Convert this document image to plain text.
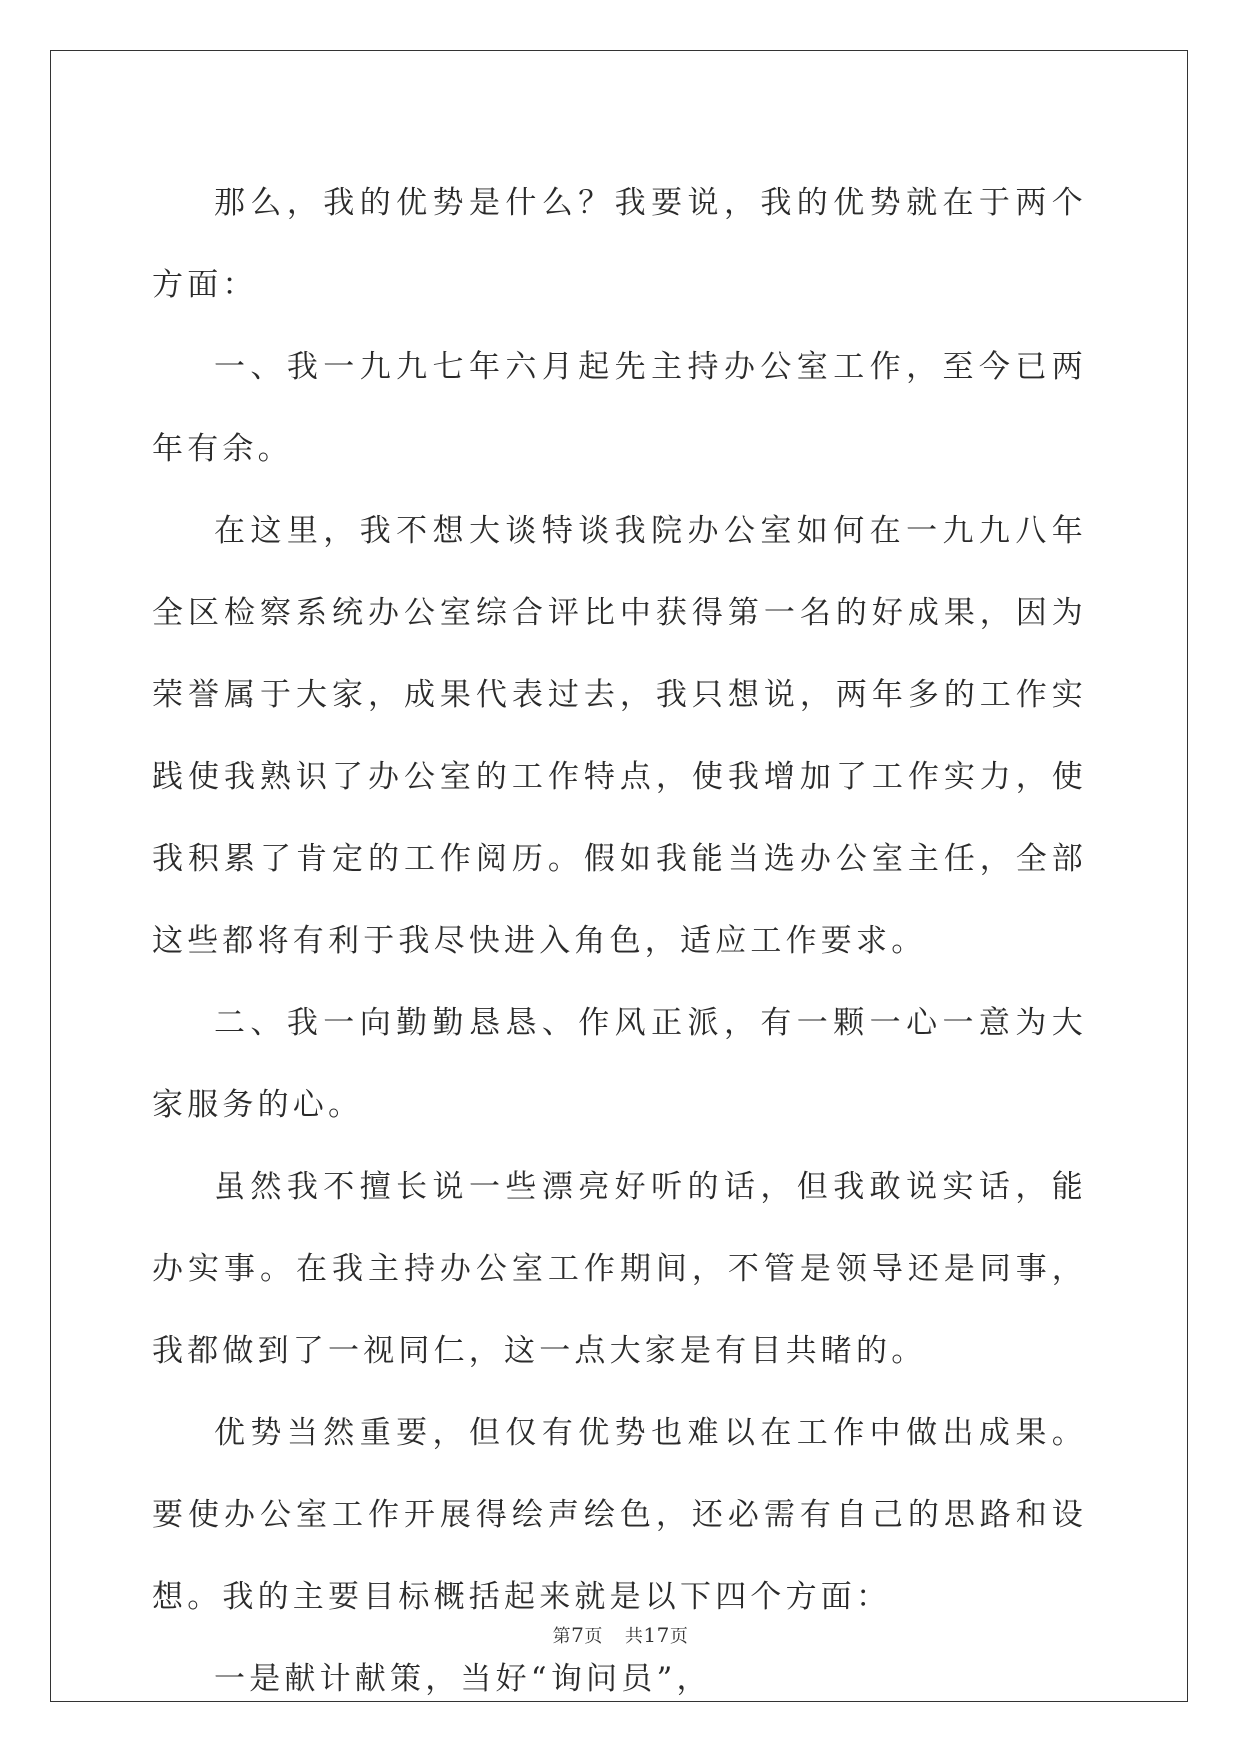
那么，我的优势是什么？我要说，我的优势就在于两个方面：

一、我一九九七年六月起先主持办公室工作，至今已两年有余。

在这里，我不想大谈特谈我院办公室如何在一九九八年全区检察系统办公室综合评比中获得第一名的好成果，因为荣誉属于大家，成果代表过去，我只想说，两年多的工作实践使我熟识了办公室的工作特点，使我增加了工作实力，使我积累了肯定的工作阅历。假如我能当选办公室主任，全部这些都将有利于我尽快进入角色，适应工作要求。

二、我一向勤勤恳恳、作风正派，有一颗一心一意为大家服务的心。

虽然我不擅长说一些漂亮好听的话，但我敢说实话，能办实事。在我主持办公室工作期间，不管是领导还是同事，我都做到了一视同仁，这一点大家是有目共睹的。

优势当然重要，但仅有优势也难以在工作中做出成果。要使办公室工作开展得绘声绘色，还必需有自己的思路和设想。我的主要目标概括起来就是以下四个方面：

一是献计献策，当好“询问员”，

第7页 共17页
